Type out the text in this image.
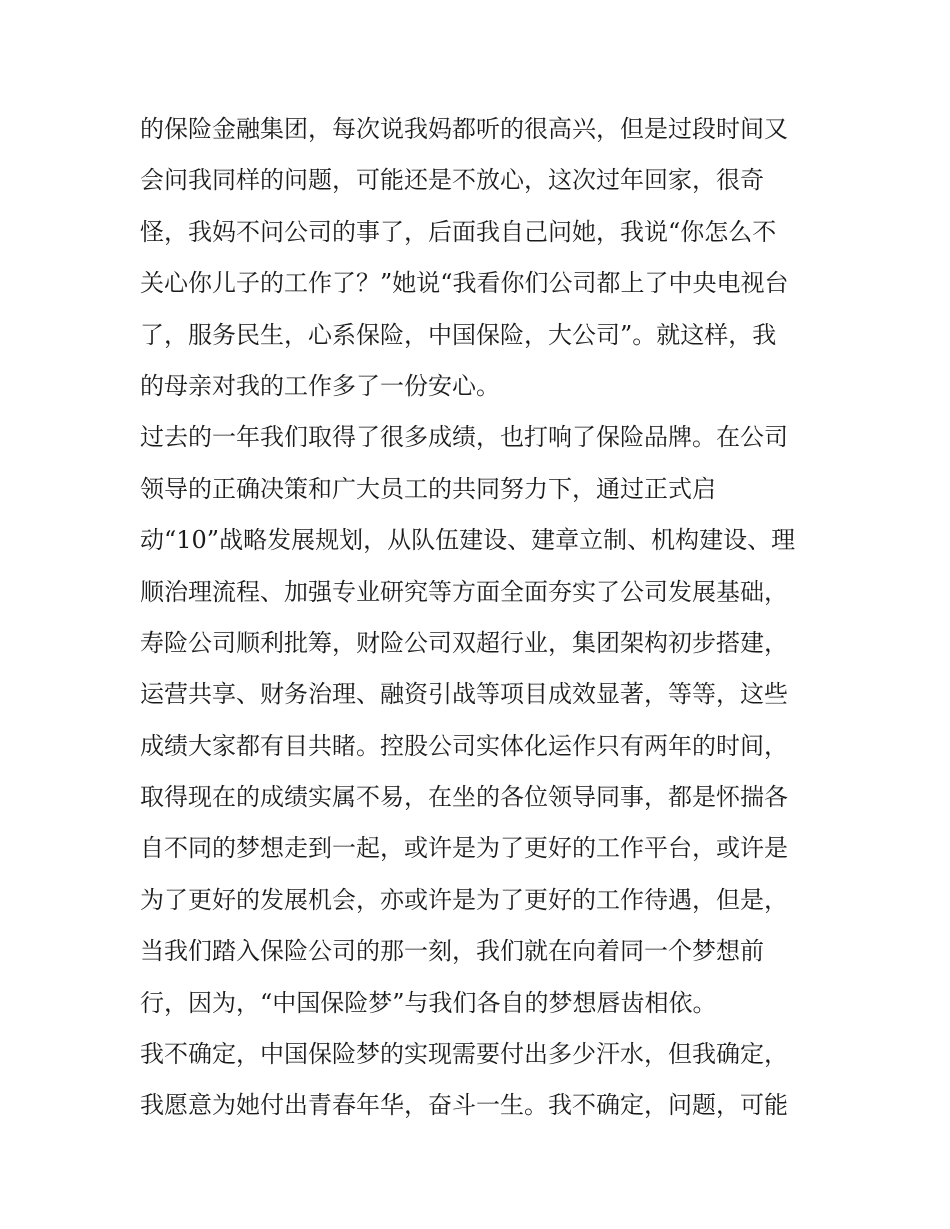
的保险金融集团，每次说我妈都听的很高兴，但是过段时间又
会问我同样的问题，可能还是不放心，这次过年回家，很奇
怪，我妈不问公司的事了，后面我自己问她，我说“你怎么不
关心你儿子的工作了？”她说“我看你们公司都上了中央电视台
了，服务民生，心系保险，中国保险，大公司”。就这样，我
的母亲对我的工作多了一份安心。
过去的一年我们取得了很多成绩，也打响了保险品牌。在公司
领导的正确决策和广大员工的共同努力下，通过正式启
动“10”战略发展规划，从队伍建设、建章立制、机构建设、理
顺治理流程、加强专业研究等方面全面夯实了公司发展基础，
寿险公司顺利批筹，财险公司双超行业，集团架构初步搭建，
运营共享、财务治理、融资引战等项目成效显著，等等，这些
成绩大家都有目共睹。控股公司实体化运作只有两年的时间，
取得现在的成绩实属不易，在坐的各位领导同事，都是怀揣各
自不同的梦想走到一起，或许是为了更好的工作平台，或许是
为了更好的发展机会，亦或许是为了更好的工作待遇，但是，
当我们踏入保险公司的那一刻，我们就在向着同一个梦想前
行，因为，“中国保险梦”与我们各自的梦想唇齿相依。
我不确定，中国保险梦的实现需要付出多少汗水，但我确定，
我愿意为她付出青春年华，奋斗一生。我不确定，问题，可能
